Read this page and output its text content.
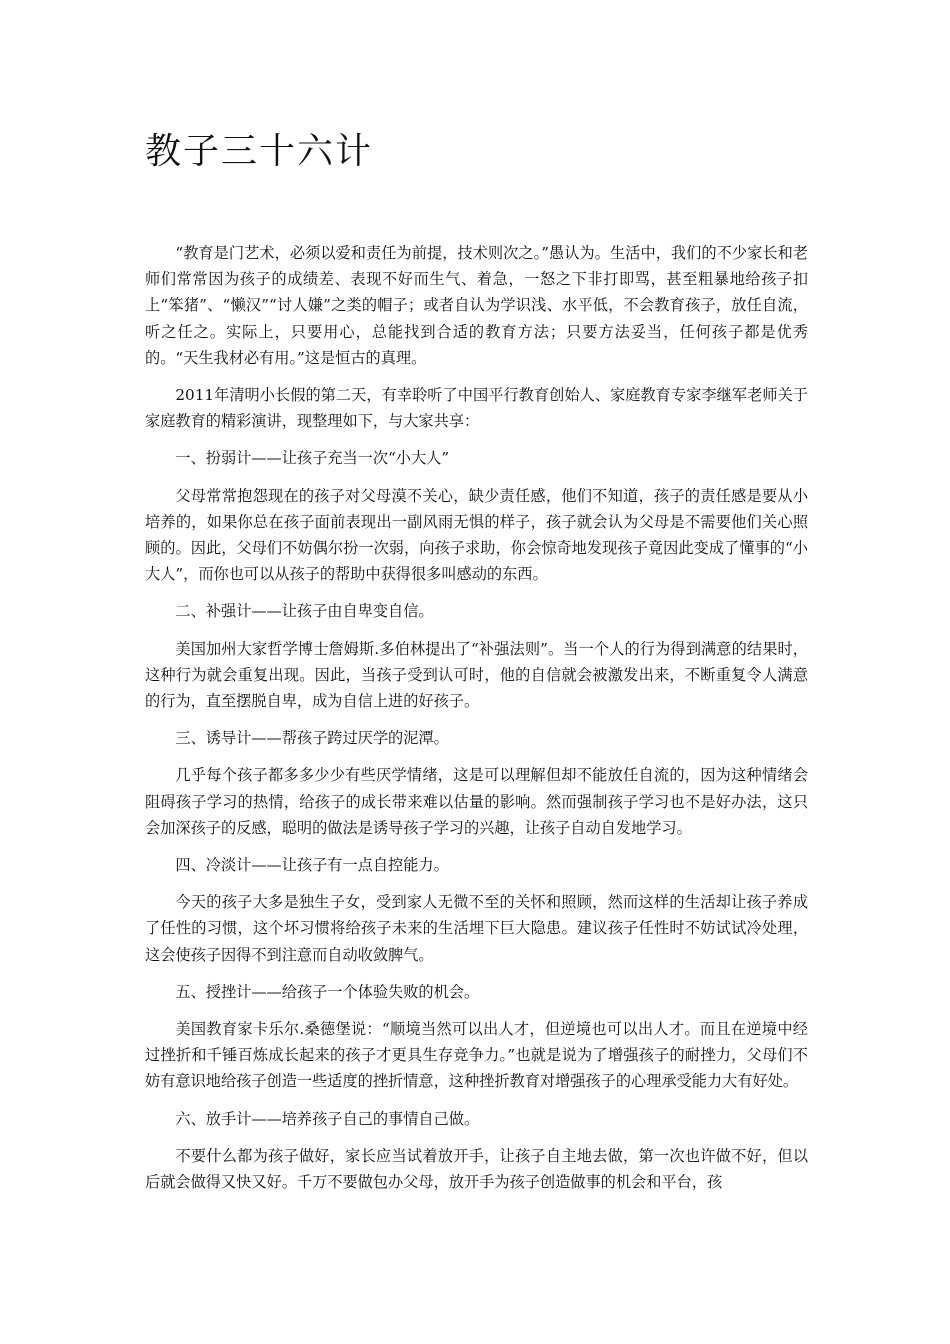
教子三十六计

“教育是门艺术，必须以爱和责任为前提，技术则次之。”愚认为。生活中，我们的不少家长和老师们常常因为孩子的成绩差、表现不好而生气、着急，一怒之下非打即骂，甚至粗暴地给孩子扣上“笨猪”、“懒汉”“讨人嫌”之类的帽子；或者自认为学识浅、水平低，不会教育孩子，放任自流，听之任之。实际上，只要用心，总能找到合适的教育方法；只要方法妥当，任何孩子都是优秀的。“天生我材必有用。”这是恒古的真理。

2011年清明小长假的第二天，有幸聆听了中国平行教育创始人、家庭教育专家李继军老师关于家庭教育的精彩演讲，现整理如下，与大家共享：

一、扮弱计——让孩子充当一次“小大人”

父母常常抱怨现在的孩子对父母漠不关心，缺少责任感，他们不知道，孩子的责任感是要从小培养的，如果你总在孩子面前表现出一副风雨无惧的样子，孩子就会认为父母是不需要他们关心照顾的。因此，父母们不妨偶尔扮一次弱，向孩子求助，你会惊奇地发现孩子竟因此变成了懂事的“小大人”，而你也可以从孩子的帮助中获得很多叫感动的东西。

二、补强计——让孩子由自卑变自信。

美国加州大家哲学博士詹姆斯.多伯林提出了“补强法则”。当一个人的行为得到满意的结果时，这种行为就会重复出现。因此，当孩子受到认可时，他的自信就会被激发出来，不断重复令人满意的行为，直至摆脱自卑，成为自信上进的好孩子。

三、诱导计——帮孩子跨过厌学的泥潭。

几乎每个孩子都多多少少有些厌学情绪，这是可以理解但却不能放任自流的，因为这种情绪会阻碍孩子学习的热情，给孩子的成长带来难以估量的影响。然而强制孩子学习也不是好办法，这只会加深孩子的反感，聪明的做法是诱导孩子学习的兴趣，让孩子自动自发地学习。

四、冷淡计——让孩子有一点自控能力。

今天的孩子大多是独生子女，受到家人无微不至的关怀和照顾，然而这样的生活却让孩子养成了任性的习惯，这个坏习惯将给孩子未来的生活埋下巨大隐患。建议孩子任性时不妨试试冷处理，这会使孩子因得不到注意而自动收敛脾气。

五、授挫计——给孩子一个体验失败的机会。

美国教育家卡乐尔.桑德堡说：“顺境当然可以出人才，但逆境也可以出人才。而且在逆境中经过挫折和千锤百炼成长起来的孩子才更具生存竞争力。”也就是说为了增强孩子的耐挫力，父母们不妨有意识地给孩子创造一些适度的挫折情意，这种挫折教育对增强孩子的心理承受能力大有好处。

六、放手计——培养孩子自己的事情自己做。

不要什么都为孩子做好，家长应当试着放开手，让孩子自主地去做，第一次也许做不好，但以后就会做得又快又好。千万不要做包办父母，放开手为孩子创造做事的机会和平台，孩
